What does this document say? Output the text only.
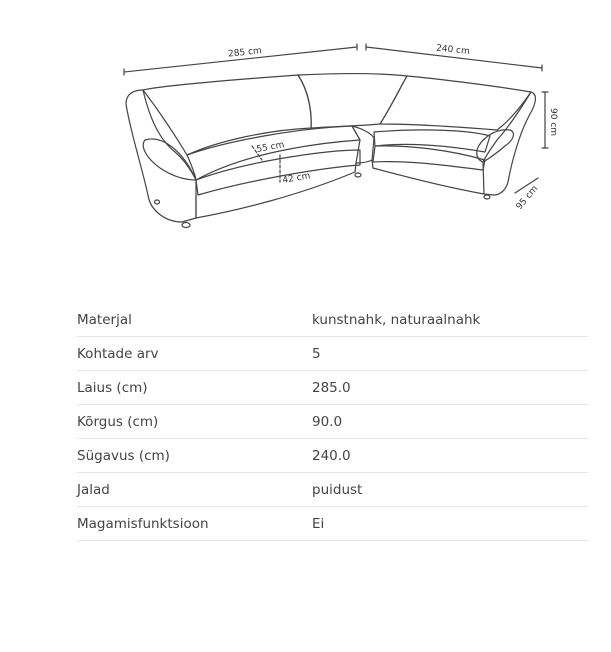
285 cm	240 cm
90 cm
95 cm
55 cm
42 cm
Materjal	kunstnahk, naturaalnahk
Kohtade arv	5
Laius (cm)	285.0
Kõrgus (cm)	90.0
Sügavus (cm)	240.0
Jalad	puidust
Magamisfunktsioon	Ei
